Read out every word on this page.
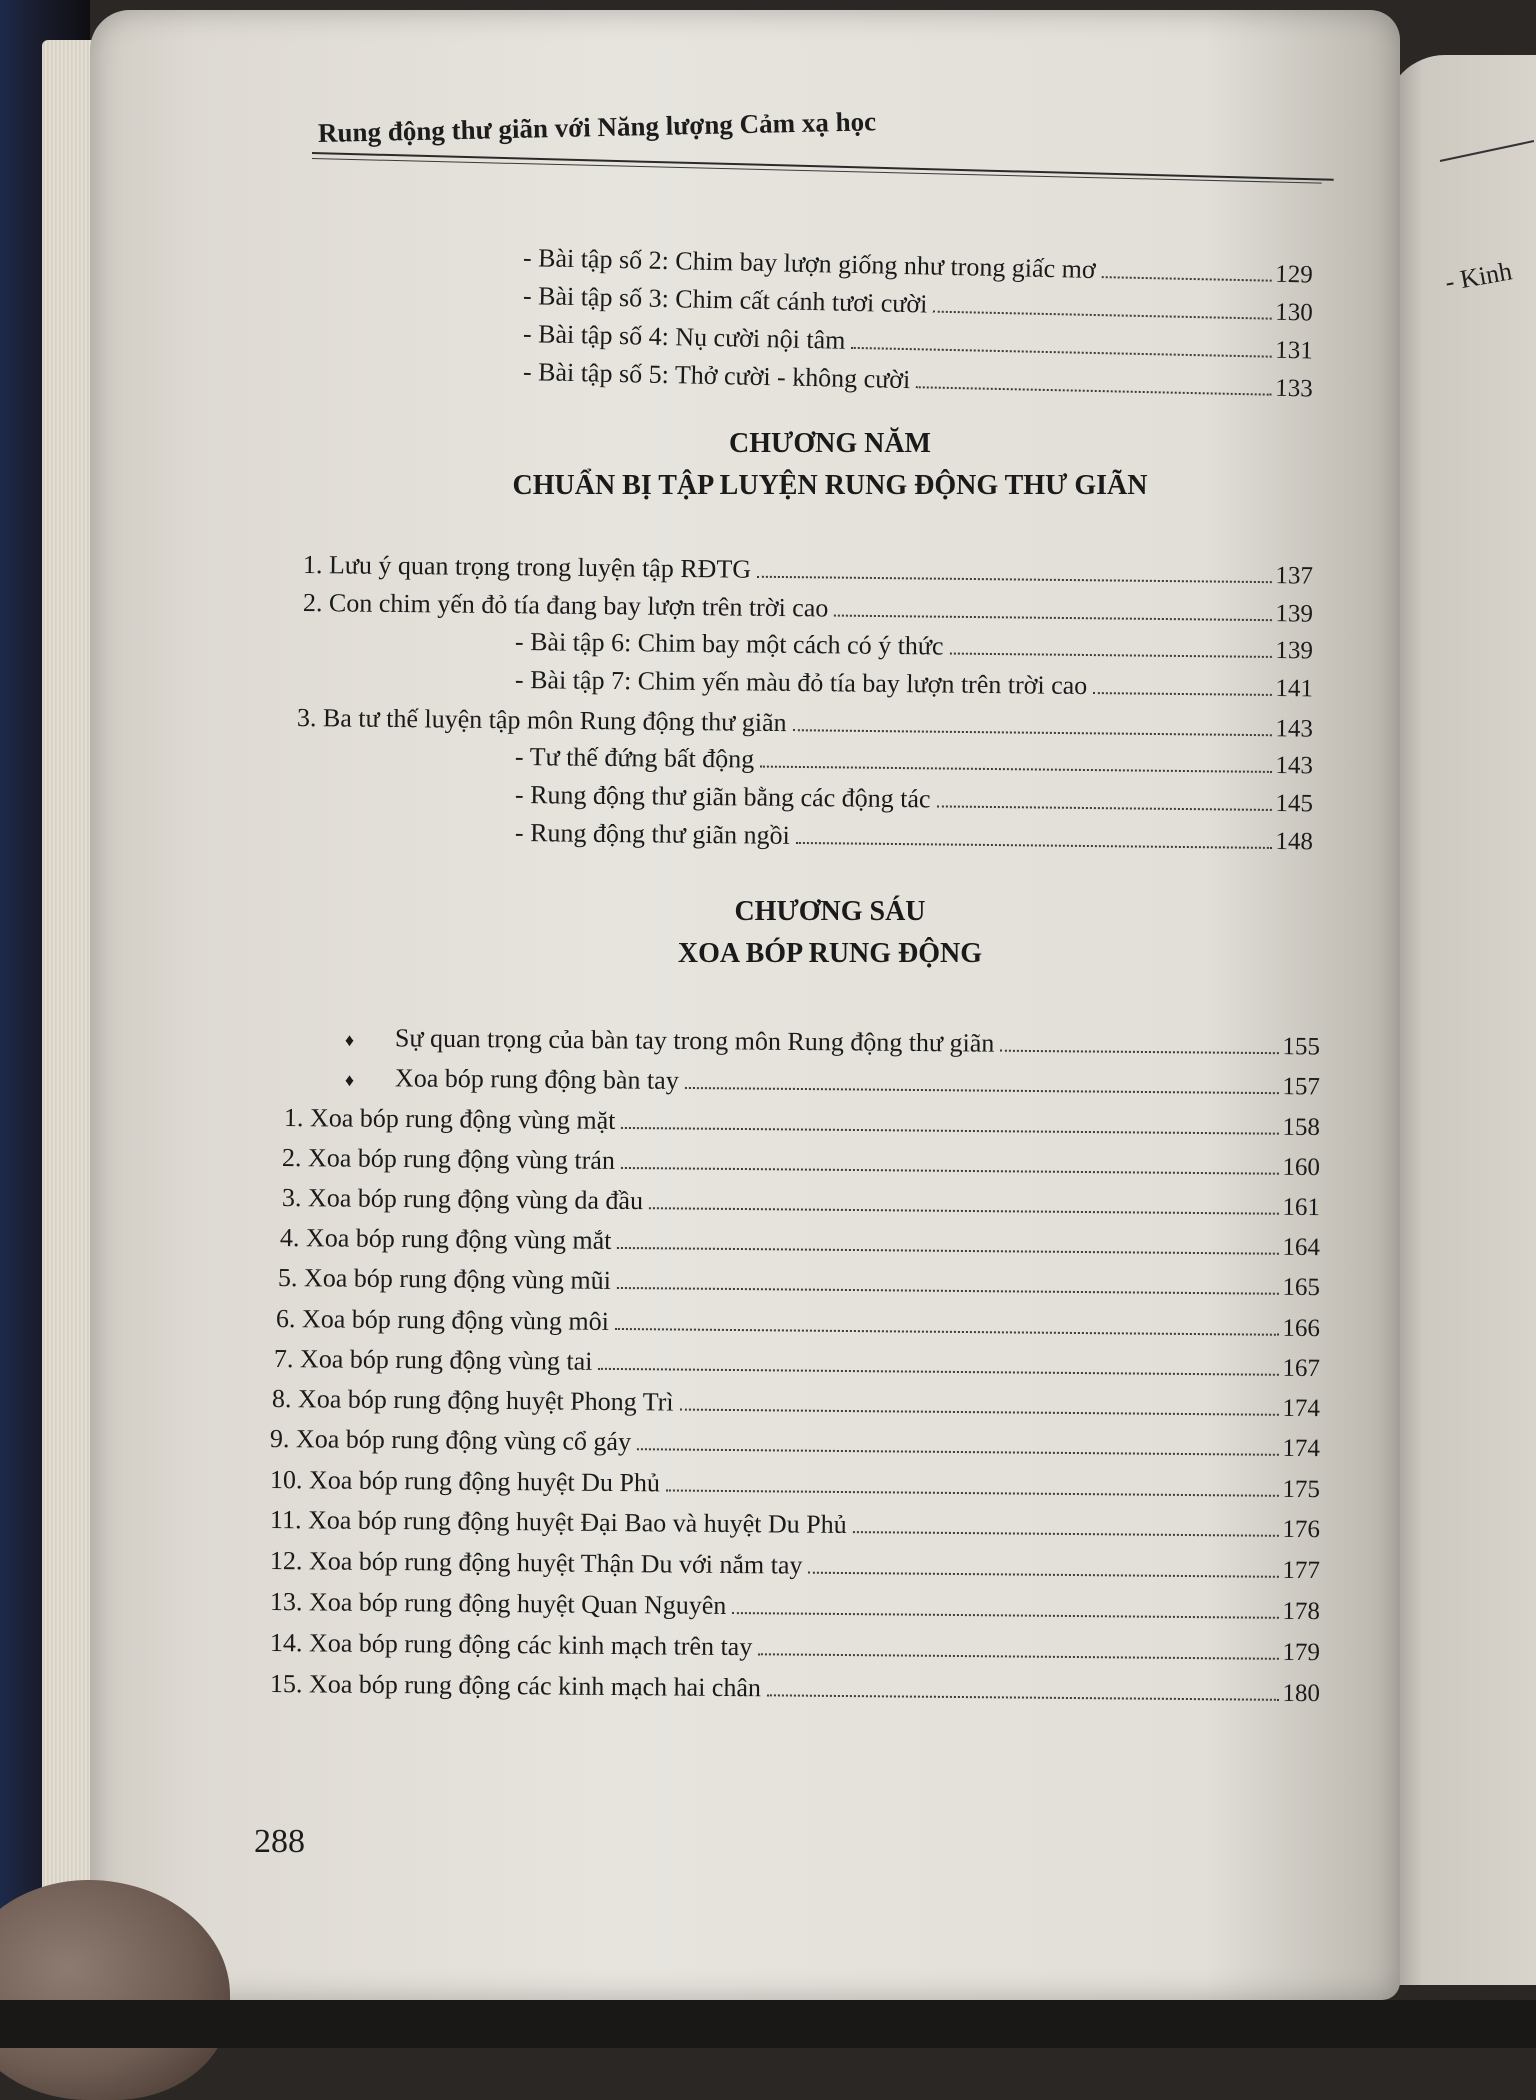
- Kinh
Rung động thư giãn với Năng lượng Cảm xạ học
- Bài tập số 2: Chim bay lượn giống như trong giấc mơ	129
- Bài tập số 3: Chim cất cánh tươi cười	130
- Bài tập số 4: Nụ cười nội tâm	131
- Bài tập số 5: Thở cười - không cười	133
CHƯƠNG NĂM
CHUẨN BỊ TẬP LUYỆN RUNG ĐỘNG THƯ GIÃN
1. Lưu ý quan trọng trong luyện tập RĐTG	137
2. Con chim yến đỏ tía đang bay lượn trên trời cao	139
- Bài tập 6: Chim bay một cách có ý thức	139
- Bài tập 7: Chim yến màu đỏ tía bay lượn trên trời cao	141
3. Ba tư thế luyện tập môn Rung động thư giãn	143
- Tư thế đứng bất động	143
- Rung động thư giãn bằng các động tác	145
- Rung động thư giãn ngồi	148
CHƯƠNG SÁU
XOA BÓP RUNG ĐỘNG
♦	Sự quan trọng của bàn tay trong môn Rung động thư giãn	155
♦	Xoa bóp rung động bàn tay	157
1. Xoa bóp rung động vùng mặt	158
2. Xoa bóp rung động vùng trán	160
3. Xoa bóp rung động vùng da đầu	161
4. Xoa bóp rung động vùng mắt	164
5. Xoa bóp rung động vùng mũi	165
6. Xoa bóp rung động vùng môi	166
7. Xoa bóp rung động vùng tai	167
8. Xoa bóp rung động huyệt Phong Trì	174
9. Xoa bóp rung động vùng cổ gáy	174
10. Xoa bóp rung động huyệt Du Phủ	175
11. Xoa bóp rung động huyệt Đại Bao và huyệt Du Phủ	176
12. Xoa bóp rung động huyệt Thận Du với nắm tay	177
13. Xoa bóp rung động huyệt Quan Nguyên	178
14. Xoa bóp rung động các kinh mạch trên tay	179
15. Xoa bóp rung động các kinh mạch hai chân	180
288
